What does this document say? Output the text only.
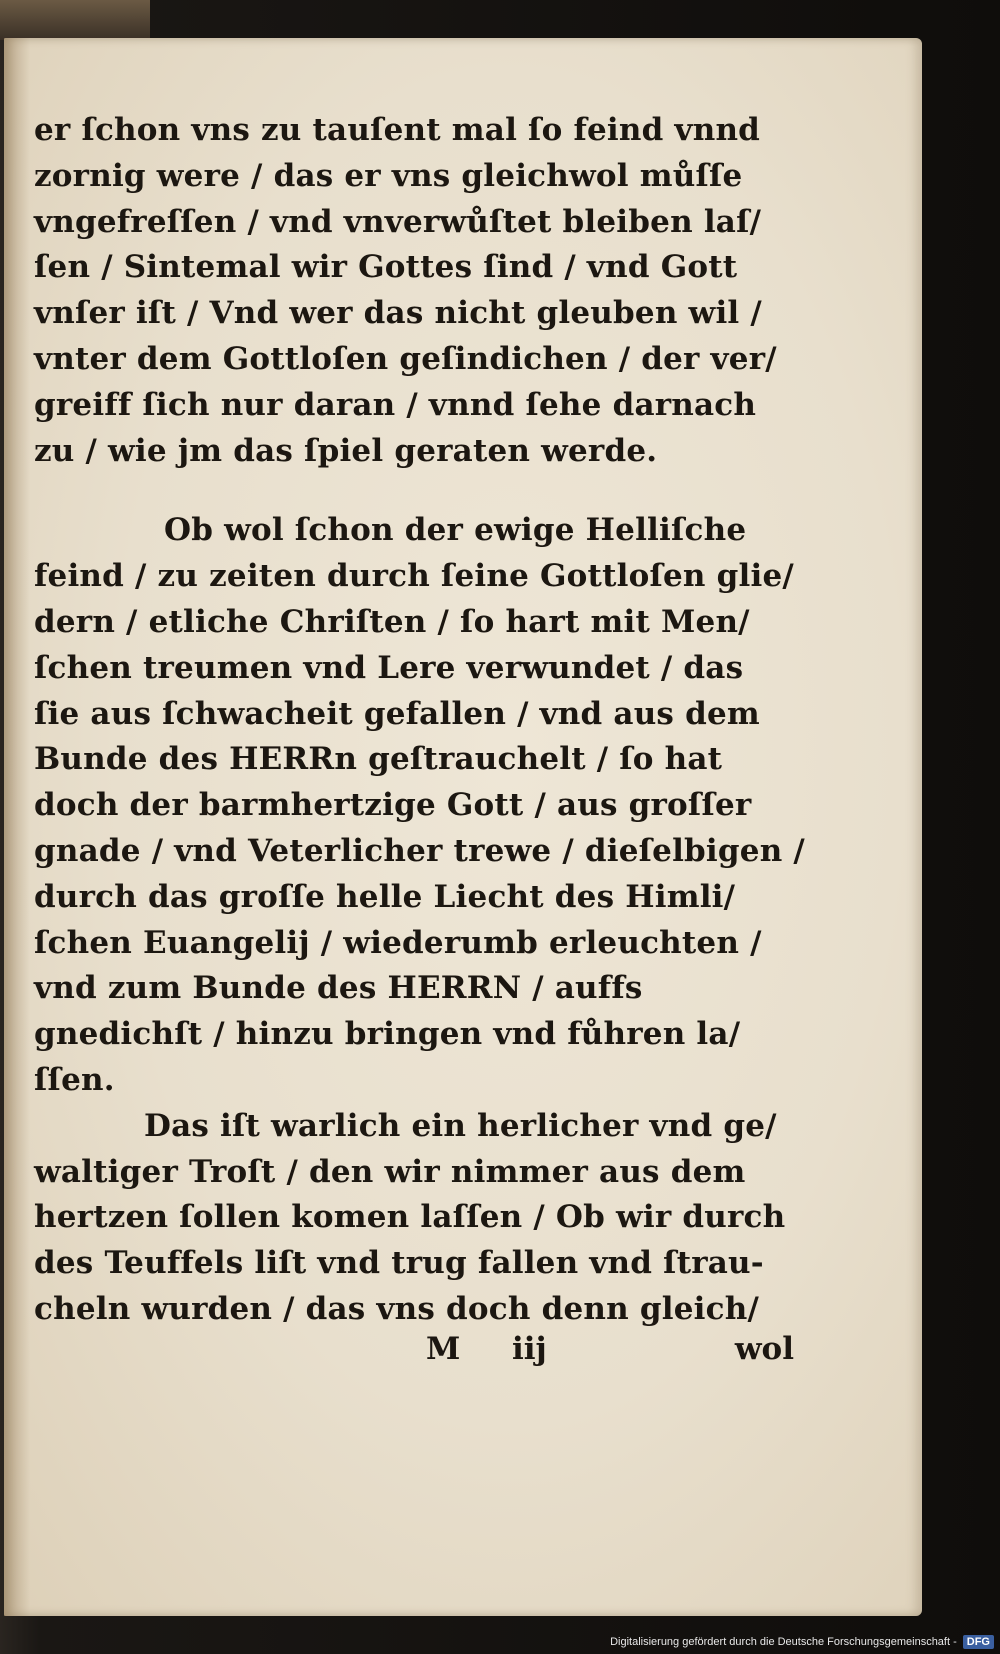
er ſchon vns zu tauſent mal ſo feind vnnd
zornig were / das er vns gleichwol můſſe
vngefreſſen / vnd vnverwůſtet bleiben laſ/
ſen / Sintemal wir Gottes ſind / vnd Gott
vnſer iſt / Vnd wer das nicht gleuben wil /
vnter dem Gottloſen geſindichen / der ver/
greiff ſich nur daran / vnnd ſehe darnach
zu / wie jm das ſpiel geraten werde.
Ob wol ſchon der ewige Helliſche
feind / zu zeiten durch ſeine Gottloſen glie/
dern / etliche Chriſten / ſo hart mit Men/
ſchen treumen vnd Lere verwundet / das
ſie aus ſchwacheit gefallen / vnd aus dem
Bunde des HERRn geſtrauchelt / ſo hat
doch der barmhertzige Gott / aus groſſer
gnade / vnd Veterlicher trewe / dieſelbigen /
durch das groſſe helle Liecht des Himli/
ſchen Euangelij / wiederumb erleuchten /
vnd zum Bunde des HERRN / auffs
gnedichſt / hinzu bringen vnd fůhren la/
ſſen.
Das iſt warlich ein herlicher vnd ge/
waltiger Troſt / den wir nimmer aus dem
hertzen ſollen komen laſſen / Ob wir durch
des Teuffels liſt vnd trug fallen vnd ſtrau-
cheln wurden / das vns doch denn gleich/
M iij	wol
Digitalisierung gefördert durch die Deutsche Forschungsgemeinschaft - DFG
